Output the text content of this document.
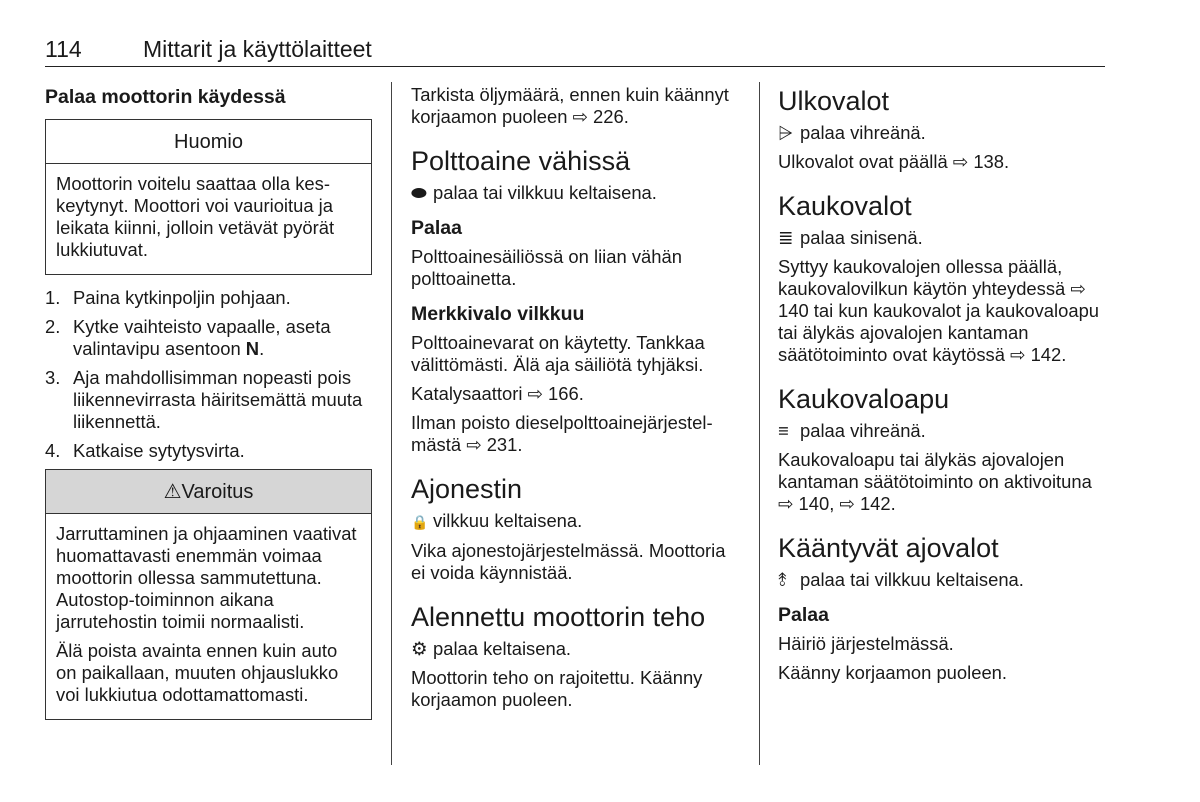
114	Mittarit ja käyttölaitteet
Palaa moottorin käydessä
Huomio

Moottorin voitelu saattaa olla keskeytynyt. Moottori voi vaurioitua ja leikata kiinni, jolloin vetävät pyörät lukkiutuvat.

1. Paina kytkinpoljin pohjaan.
2. Kytke vaihteisto vapaalle, aseta valintavipu asentoon N.
3. Aja mahdollisimman nopeasti pois liikennevirrasta häiritsemättä muuta liikennettä.
4. Katkaise sytytysvirta.
⚠Varoitus

Jarruttaminen ja ohjaaminen vaativat huomattavasti enemmän voimaa moottorin ollessa sammutettuna. Autostop-toiminnon aikana jarrutehostin toimii normaalisti.

Älä poista avainta ennen kuin auto on paikallaan, muuten ohjauslukko voi lukkiutua odottamattomasti.

Tarkista öljymäärä, ennen kuin käännyt korjaamon puoleen ⇨ 226.

Polttoaine vähissä

⬬ palaa tai vilkkuu keltaisena.

Palaa

Polttoainesäiliössä on liian vähän polttoainetta.

Merkkivalo vilkkuu

Polttoainevarat on käytetty. Tankkaa välittömästi. Älä aja säiliötä tyhjäksi.

Katalysaattori ⇨ 166.

Ilman poisto dieselpolttoainejärjestelmästä ⇨ 231.

Ajonestin

🔒 vilkkuu keltaisena.

Vika ajonestojärjestelmässä. Moottoria ei voida käynnistää.

Alennettu moottorin teho

⚙ palaa keltaisena.

Moottorin teho on rajoitettu. Käänny korjaamon puoleen.

Ulkovalot

⩥ palaa vihreänä.

Ulkovalot ovat päällä ⇨ 138.

Kaukovalot

≣ palaa sinisenä.

Syttyy kaukovalojen ollessa päällä, kaukovalovilkun käytön yhteydessä ⇨ 140 tai kun kaukovalot ja kaukovaloapu tai älykäs ajovalojen kantaman säätötoiminto ovat käytössä ⇨ 142.

Kaukovaloapu

≡ palaa vihreänä.

Kaukovaloapu tai älykäs ajovalojen kantaman säätötoiminto on aktivoituna ⇨ 140, ⇨ 142.

Kääntyvät ajovalot

⥉ palaa tai vilkkuu keltaisena.

Palaa

Häiriö järjestelmässä.

Käänny korjaamon puoleen.
